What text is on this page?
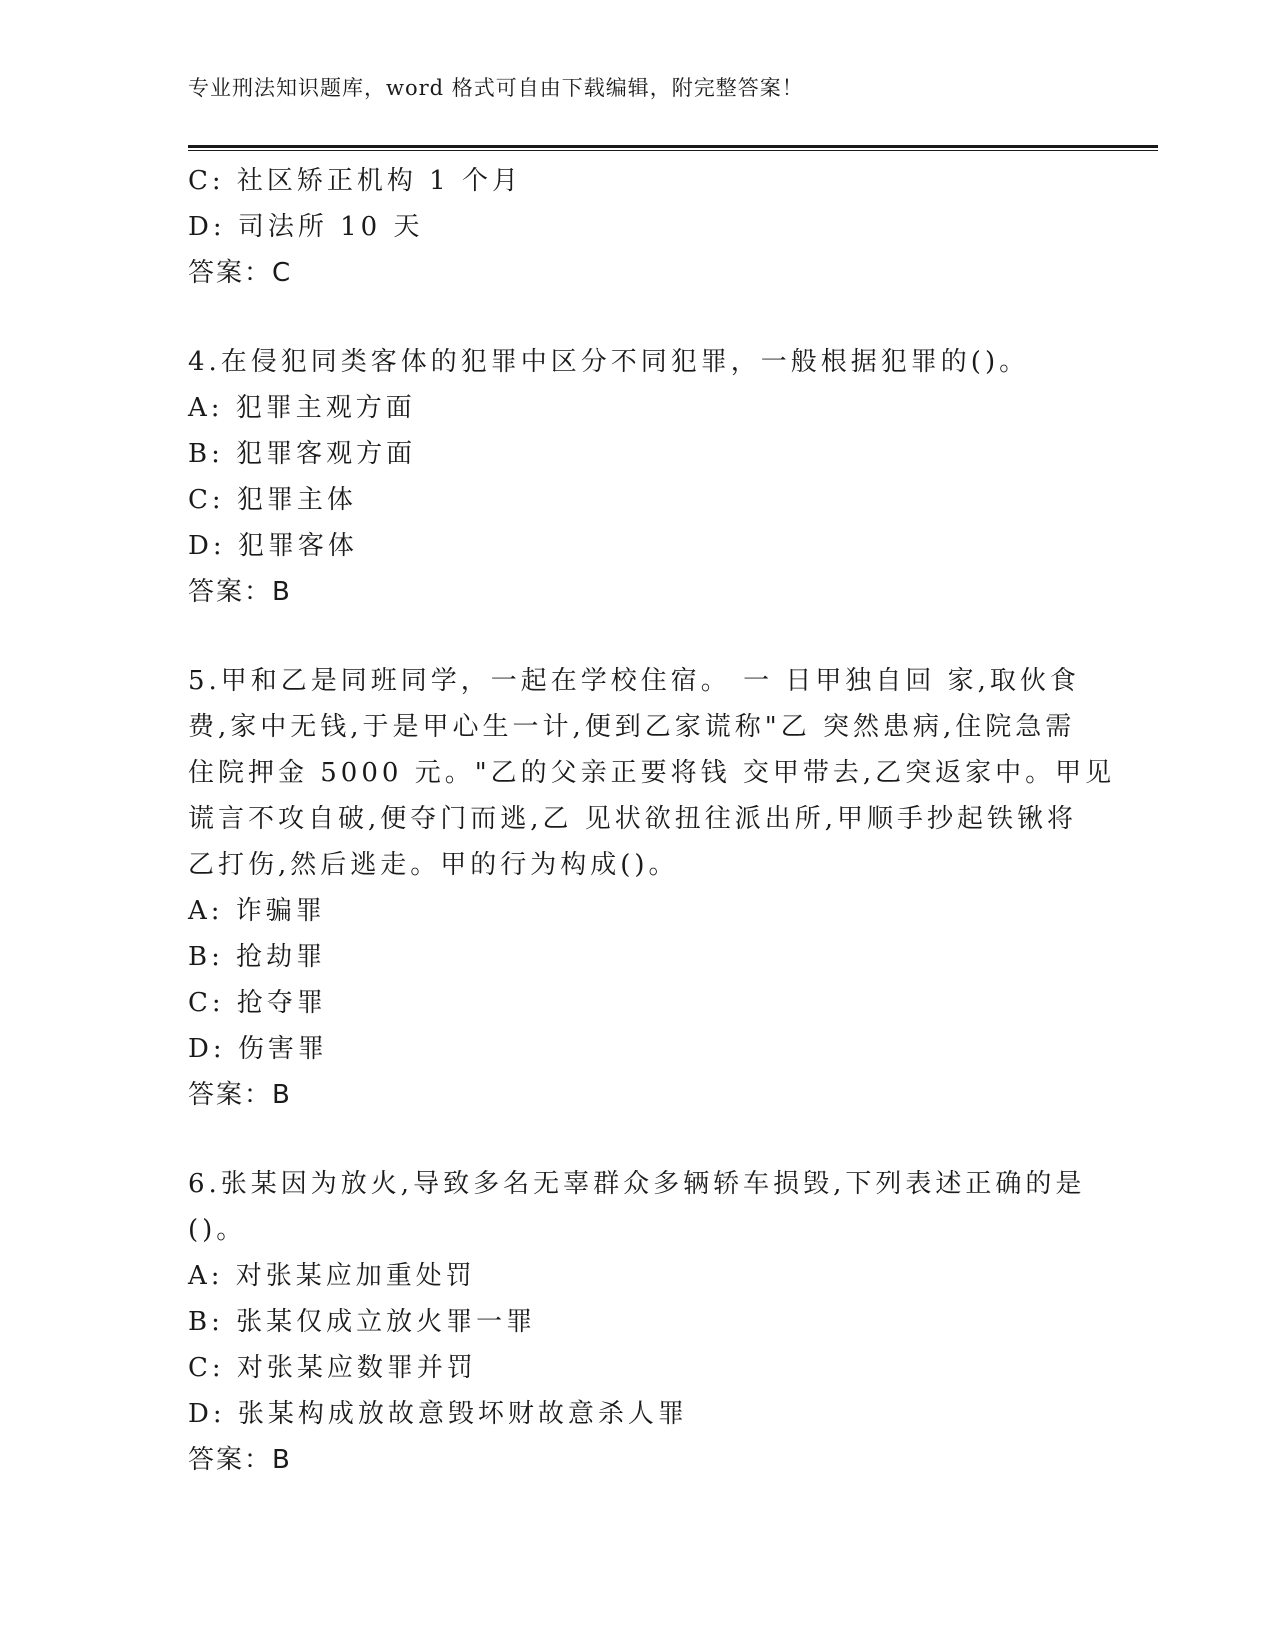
专业刑法知识题库，word 格式可自由下载编辑，附完整答案！
C: 社区矫正机构 1 个月
D: 司法所 10 天
答案：C
4.在侵犯同类客体的犯罪中区分不同犯罪，一般根据犯罪的()。
A: 犯罪主观方面
B: 犯罪客观方面
C: 犯罪主体
D: 犯罪客体
答案：B
5.甲和乙是同班同学，一起在学校住宿。 一 日甲独自回 家,取伙食
费,家中无钱,于是甲心生一计,便到乙家谎称"乙 突然患病,住院急需
住院押金 5000 元。"乙的父亲正要将钱 交甲带去,乙突返家中。甲见
谎言不攻自破,便夺门而逃,乙 见状欲扭往派出所,甲顺手抄起铁锹将
乙打伤,然后逃走。甲的行为构成()。
A: 诈骗罪
B: 抢劫罪
C: 抢夺罪
D: 伤害罪
答案：B
6.张某因为放火,导致多名无辜群众多辆轿车损毁,下列表述正确的是
()。
A: 对张某应加重处罚
B: 张某仅成立放火罪一罪
C: 对张某应数罪并罚
D: 张某构成放故意毁坏财故意杀人罪
答案：B
